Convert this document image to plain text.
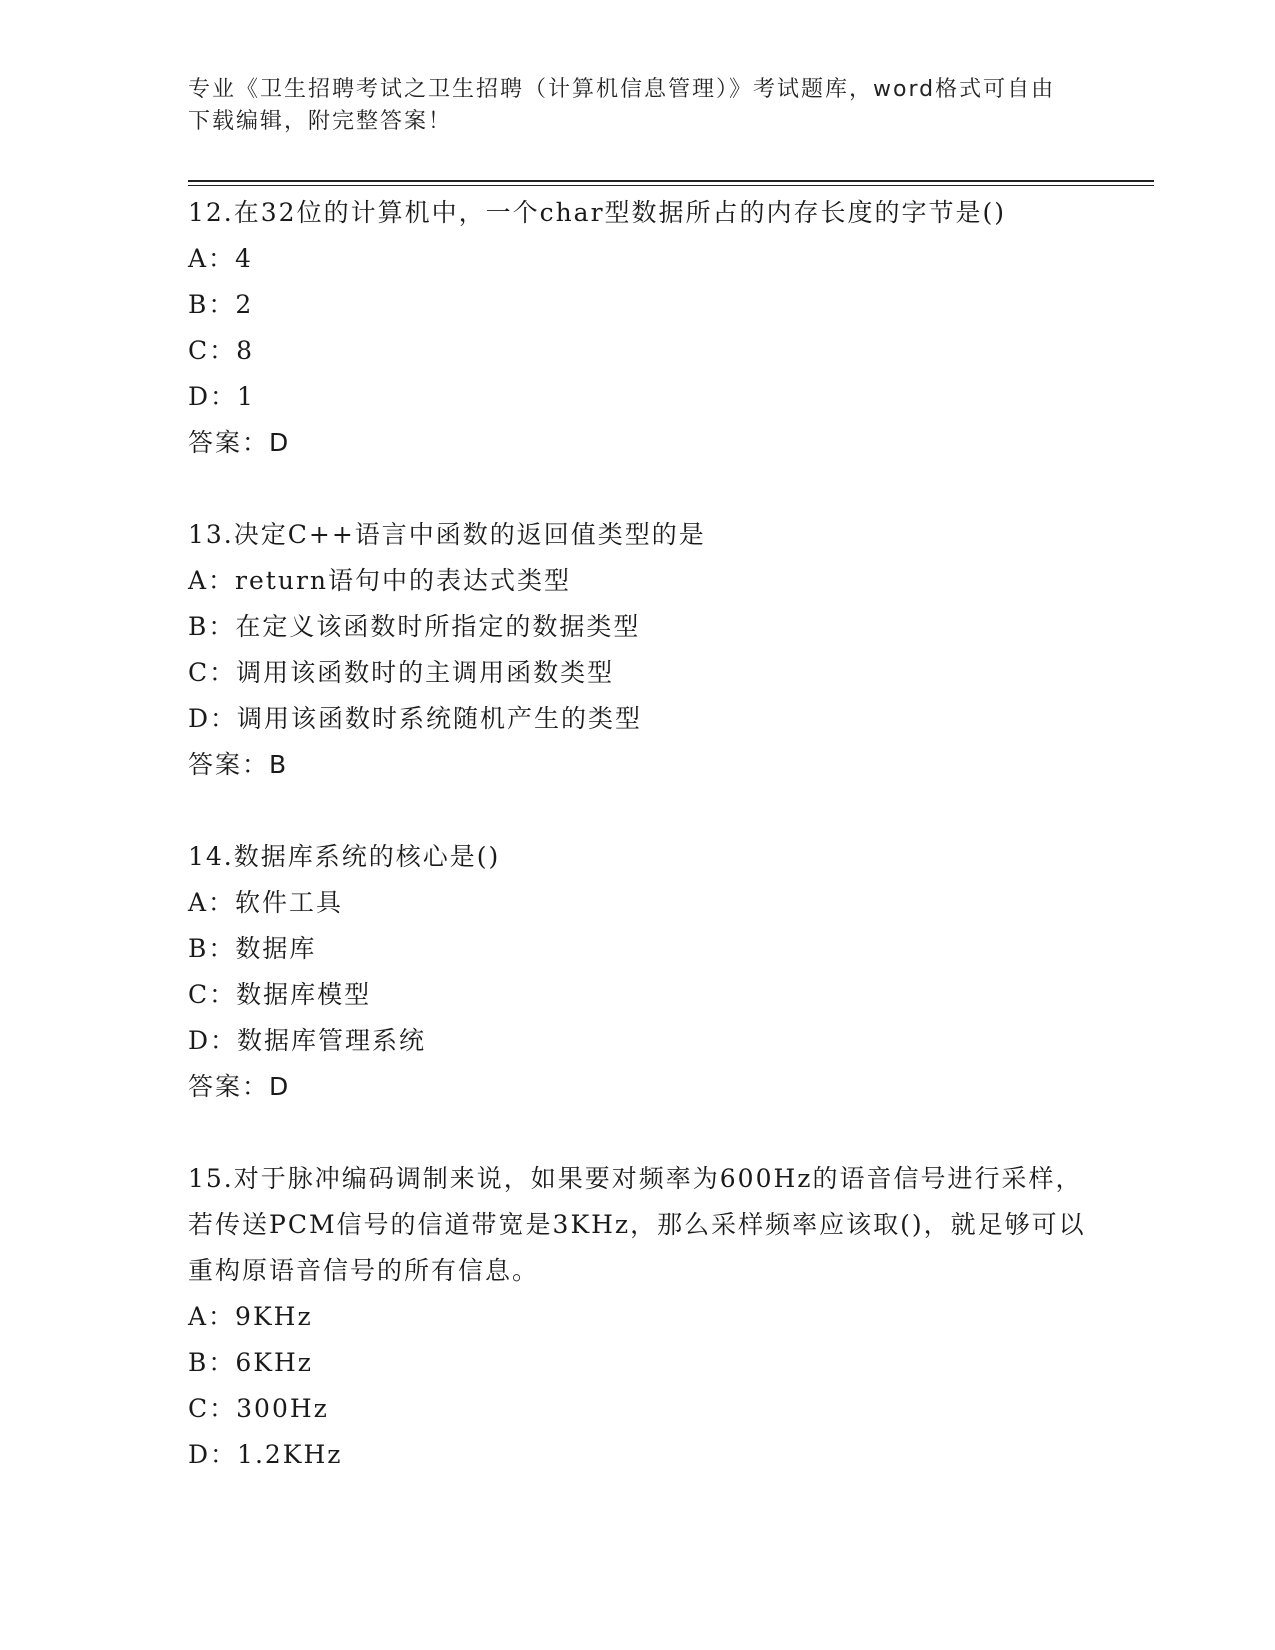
专业《卫生招聘考试之卫生招聘（计算机信息管理）》考试题库，word格式可自由下载编辑，附完整答案！
12.在32位的计算机中，一个char型数据所占的内存长度的字节是()
A：4
B：2
C：8
D：1
答案：D
13.决定C++语言中函数的返回值类型的是
A：return语句中的表达式类型
B：在定义该函数时所指定的数据类型
C：调用该函数时的主调用函数类型
D：调用该函数时系统随机产生的类型
答案：B
14.数据库系统的核心是()
A：软件工具
B：数据库
C：数据库模型
D：数据库管理系统
答案：D
15.对于脉冲编码调制来说，如果要对频率为600Hz的语音信号进行采样，若传送PCM信号的信道带宽是3KHz，那么采样频率应该取()，就足够可以重构原语音信号的所有信息。
A：9KHz
B：6KHz
C：300Hz
D：1.2KHz
